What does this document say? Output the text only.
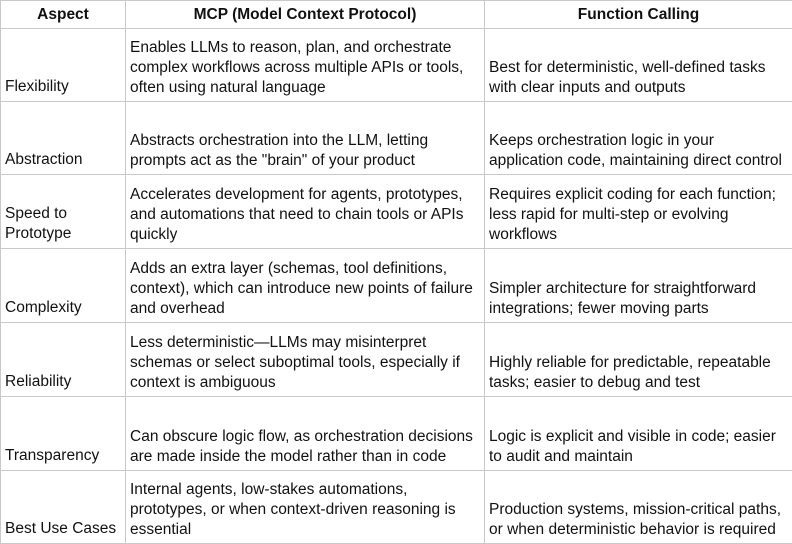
Aspect	MCP (Model Context Protocol)	Function Calling
Flexibility	Enables LLMs to reason, plan, and orchestrate complex workflows across multiple APIs or tools, often using natural language	Best for deterministic, well-defined tasks with clear inputs and outputs
Abstraction	Abstracts orchestration into the LLM, letting prompts act as the "brain" of your product	Keeps orchestration logic in your application code, maintaining direct control
Speed to Prototype	Accelerates development for agents, prototypes, and automations that need to chain tools or APIs quickly	Requires explicit coding for each function; less rapid for multi-step or evolving workflows
Complexity	Adds an extra layer (schemas, tool definitions, context), which can introduce new points of failure and overhead	Simpler architecture for straightforward integrations; fewer moving parts
Reliability	Less deterministic—LLMs may misinterpret schemas or select suboptimal tools, especially if context is ambiguous	Highly reliable for predictable, repeatable tasks; easier to debug and test
Transparency	Can obscure logic flow, as orchestration decisions are made inside the model rather than in code	Logic is explicit and visible in code; easier to audit and maintain
Best Use Cases	Internal agents, low-stakes automations, prototypes, or when context-driven reasoning is essential	Production systems, mission-critical paths, or when deterministic behavior is required
